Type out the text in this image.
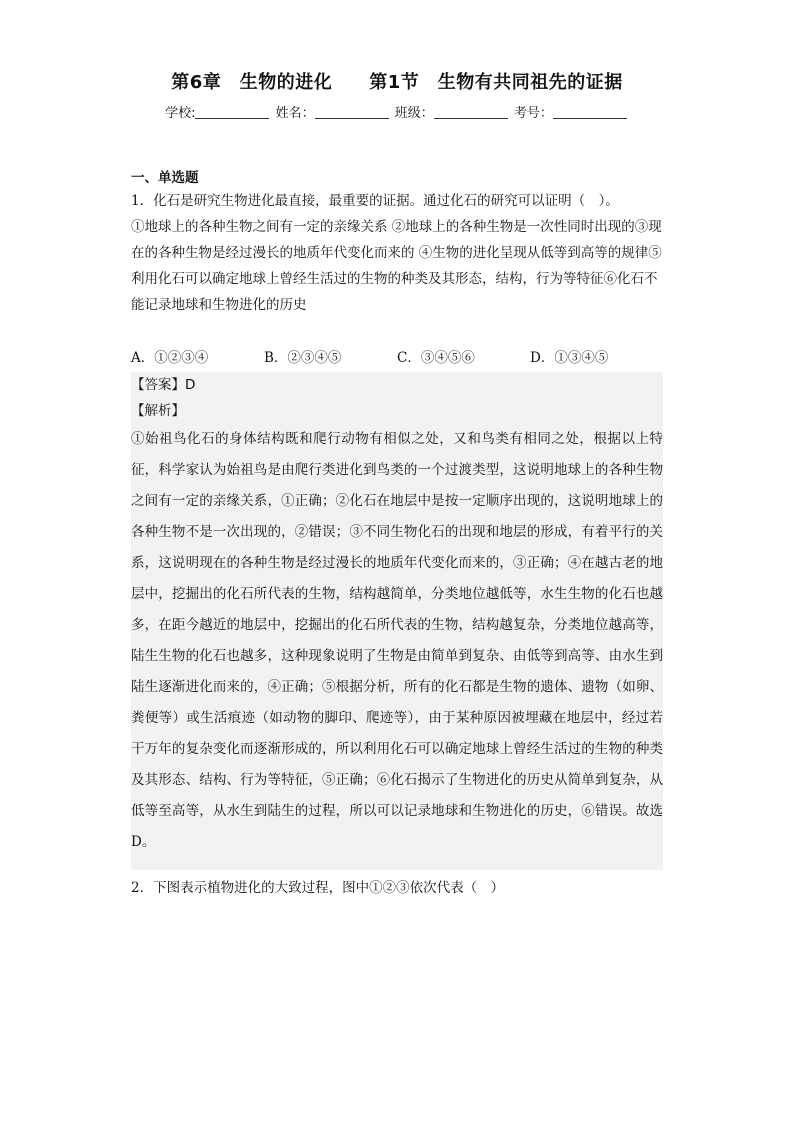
第6章　生物的进化　　第1节　生物有共同祖先的证据
学校:	姓名：	班级：	考号：
一、单选题

1．化石是研究生物进化最直接，最重要的证据。通过化石的研究可以证明（　）。

①地球上的各种生物之间有一定的亲缘关系 ②地球上的各种生物是一次性同时出现的③现在的各种生物是经过漫长的地质年代变化而来的 ④生物的进化呈现从低等到高等的规律⑤利用化石可以确定地球上曾经生活过的生物的种类及其形态，结构，行为等特征⑥化石不能记录地球和生物进化的历史

A．①②③④	B．②③④⑤	C．③④⑤⑥	D．①③④⑤
【答案】D
【解析】

①始祖鸟化石的身体结构既和爬行动物有相似之处，又和鸟类有相同之处，根据以上特征，科学家认为始祖鸟是由爬行类进化到鸟类的一个过渡类型，这说明地球上的各种生物之间有一定的亲缘关系，①正确；②化石在地层中是按一定顺序出现的，这说明地球上的各种生物不是一次出现的，②错误；③不同生物化石的出现和地层的形成，有着平行的关系，这说明现在的各种生物是经过漫长的地质年代变化而来的，③正确；④在越古老的地层中，挖掘出的化石所代表的生物，结构越简单，分类地位越低等，水生生物的化石也越多，在距今越近的地层中，挖掘出的化石所代表的生物，结构越复杂，分类地位越高等，陆生生物的化石也越多，这种现象说明了生物是由简单到复杂、由低等到高等、由水生到陆生逐渐进化而来的，④正确；⑤根据分析，所有的化石都是生物的遗体、遗物（如卵、粪便等）或生活痕迹（如动物的脚印、爬迹等），由于某种原因被埋藏在地层中，经过若干万年的复杂变化而逐渐形成的，所以利用化石可以确定地球上曾经生活过的生物的种类及其形态、结构、行为等特征，⑤正确；⑥化石揭示了生物进化的历史从简单到复杂，从低等至高等，从水生到陆生的过程，所以可以记录地球和生物进化的历史，⑥错误。故选D。

2．下图表示植物进化的大致过程，图中①②③依次代表（　）
